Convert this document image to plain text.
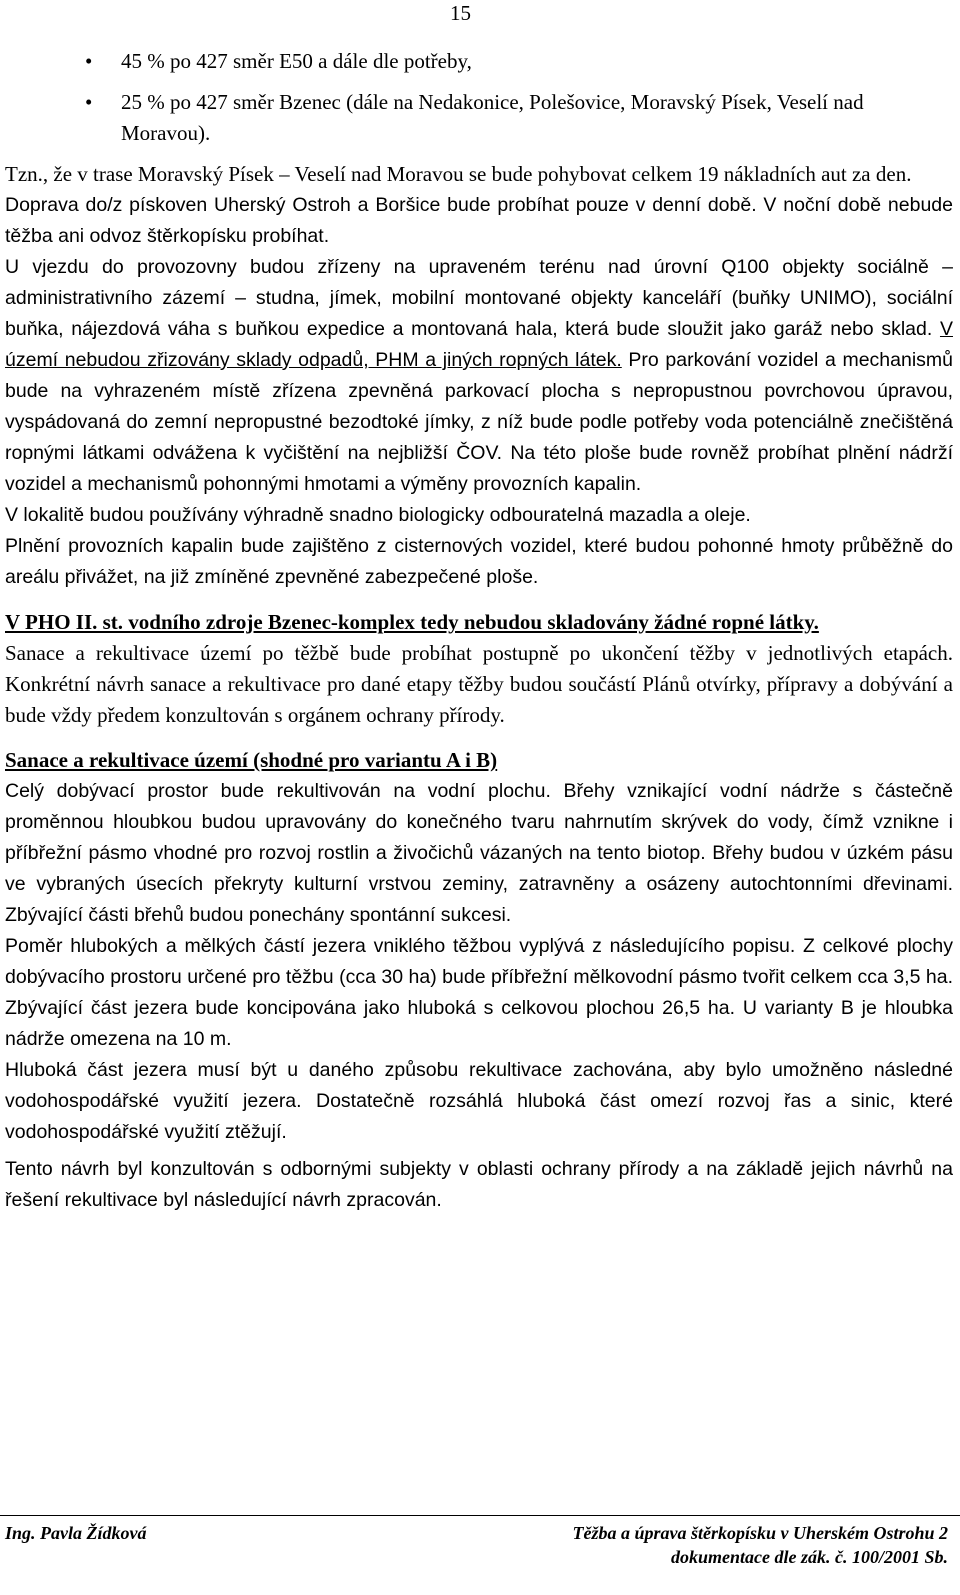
15
• 45 % po 427 směr E50 a dále dle potřeby,
• 25 % po 427 směr Bzenec (dále na Nedakonice, Polešovice, Moravský Písek, Veselí nad Moravou).

Tzn., že v trase Moravský Písek – Veselí nad Moravou se bude pohybovat celkem 19 nákladních aut za den.

Doprava do/z pískoven Uherský Ostroh a Boršice bude probíhat pouze v denní době. V noční době nebude těžba ani odvoz štěrkopísku probíhat.

U vjezdu do provozovny budou zřízeny na upraveném terénu nad úrovní Q100 objekty sociálně – administrativního zázemí – studna, jímek, mobilní montované objekty kanceláří (buňky UNIMO), sociální buňka, nájezdová váha s buňkou expedice a montovaná hala, která bude sloužit jako garáž nebo sklad. V území nebudou zřizovány sklady odpadů, PHM a jiných ropných látek. Pro parkování vozidel a mechanismů bude na vyhrazeném místě zřízena zpevněná parkovací plocha s nepropustnou povrchovou úpravou, vyspádovaná do zemní nepropustné bezodtoké jímky, z níž bude podle potřeby voda potenciálně znečištěná ropnými látkami odvážena k vyčištění na nejbližší ČOV. Na této ploše bude rovněž probíhat plnění nádrží vozidel a mechanismů pohonnými hmotami a výměny provozních kapalin.

V lokalitě budou používány výhradně snadno biologicky odbouratelná mazadla a oleje.

Plnění provozních kapalin bude zajištěno z cisternových vozidel, které budou pohonné hmoty průběžně do areálu přivážet, na již zmíněné zpevněné zabezpečené ploše.

V PHO II. st. vodního zdroje Bzenec-komplex tedy nebudou skladovány žádné ropné látky.

Sanace a rekultivace území po těžbě bude probíhat postupně po ukončení těžby v jednotlivých etapách. Konkrétní návrh sanace a rekultivace pro dané etapy těžby budou součástí Plánů otvírky, přípravy a dobývání a bude vždy předem konzultován s orgánem ochrany přírody.

Sanace a rekultivace území (shodné pro variantu A i B)

Celý dobývací prostor bude rekultivován na vodní plochu. Břehy vznikající vodní nádrže s částečně proměnnou hloubkou budou upravovány do konečného tvaru nahrnutím skrývek do vody, čímž vznikne i příbřežní pásmo vhodné pro rozvoj rostlin a živočichů vázaných na tento biotop. Břehy budou v úzkém pásu ve vybraných úsecích překryty kulturní vrstvou zeminy, zatravněny a osázeny autochtonními dřevinami. Zbývající části břehů budou ponechány spontánní sukcesi.

Poměr hlubokých a mělkých částí jezera vniklého těžbou vyplývá z následujícího popisu. Z celkové plochy dobývacího prostoru určené pro těžbu (cca 30 ha) bude příbřežní mělkovodní pásmo tvořit celkem cca 3,5 ha. Zbývající část jezera bude koncipována jako hluboká s celkovou plochou 26,5 ha. U varianty B je hloubka nádrže omezena na 10 m.

Hluboká část jezera musí být u daného způsobu rekultivace zachována, aby bylo umožněno následné vodohospodářské využití jezera. Dostatečně rozsáhlá hluboká část omezí rozvoj řas a sinic, které vodohospodářské využití ztěžují.

Tento návrh byl konzultován s odbornými subjekty v oblasti ochrany přírody a na základě jejich návrhů na řešení rekultivace byl následující návrh zpracován.

Ing. Pavla Žídková	Těžba a úprava štěrkopísku v Uherském Ostrohu 2
dokumentace dle zák. č. 100/2001 Sb.
